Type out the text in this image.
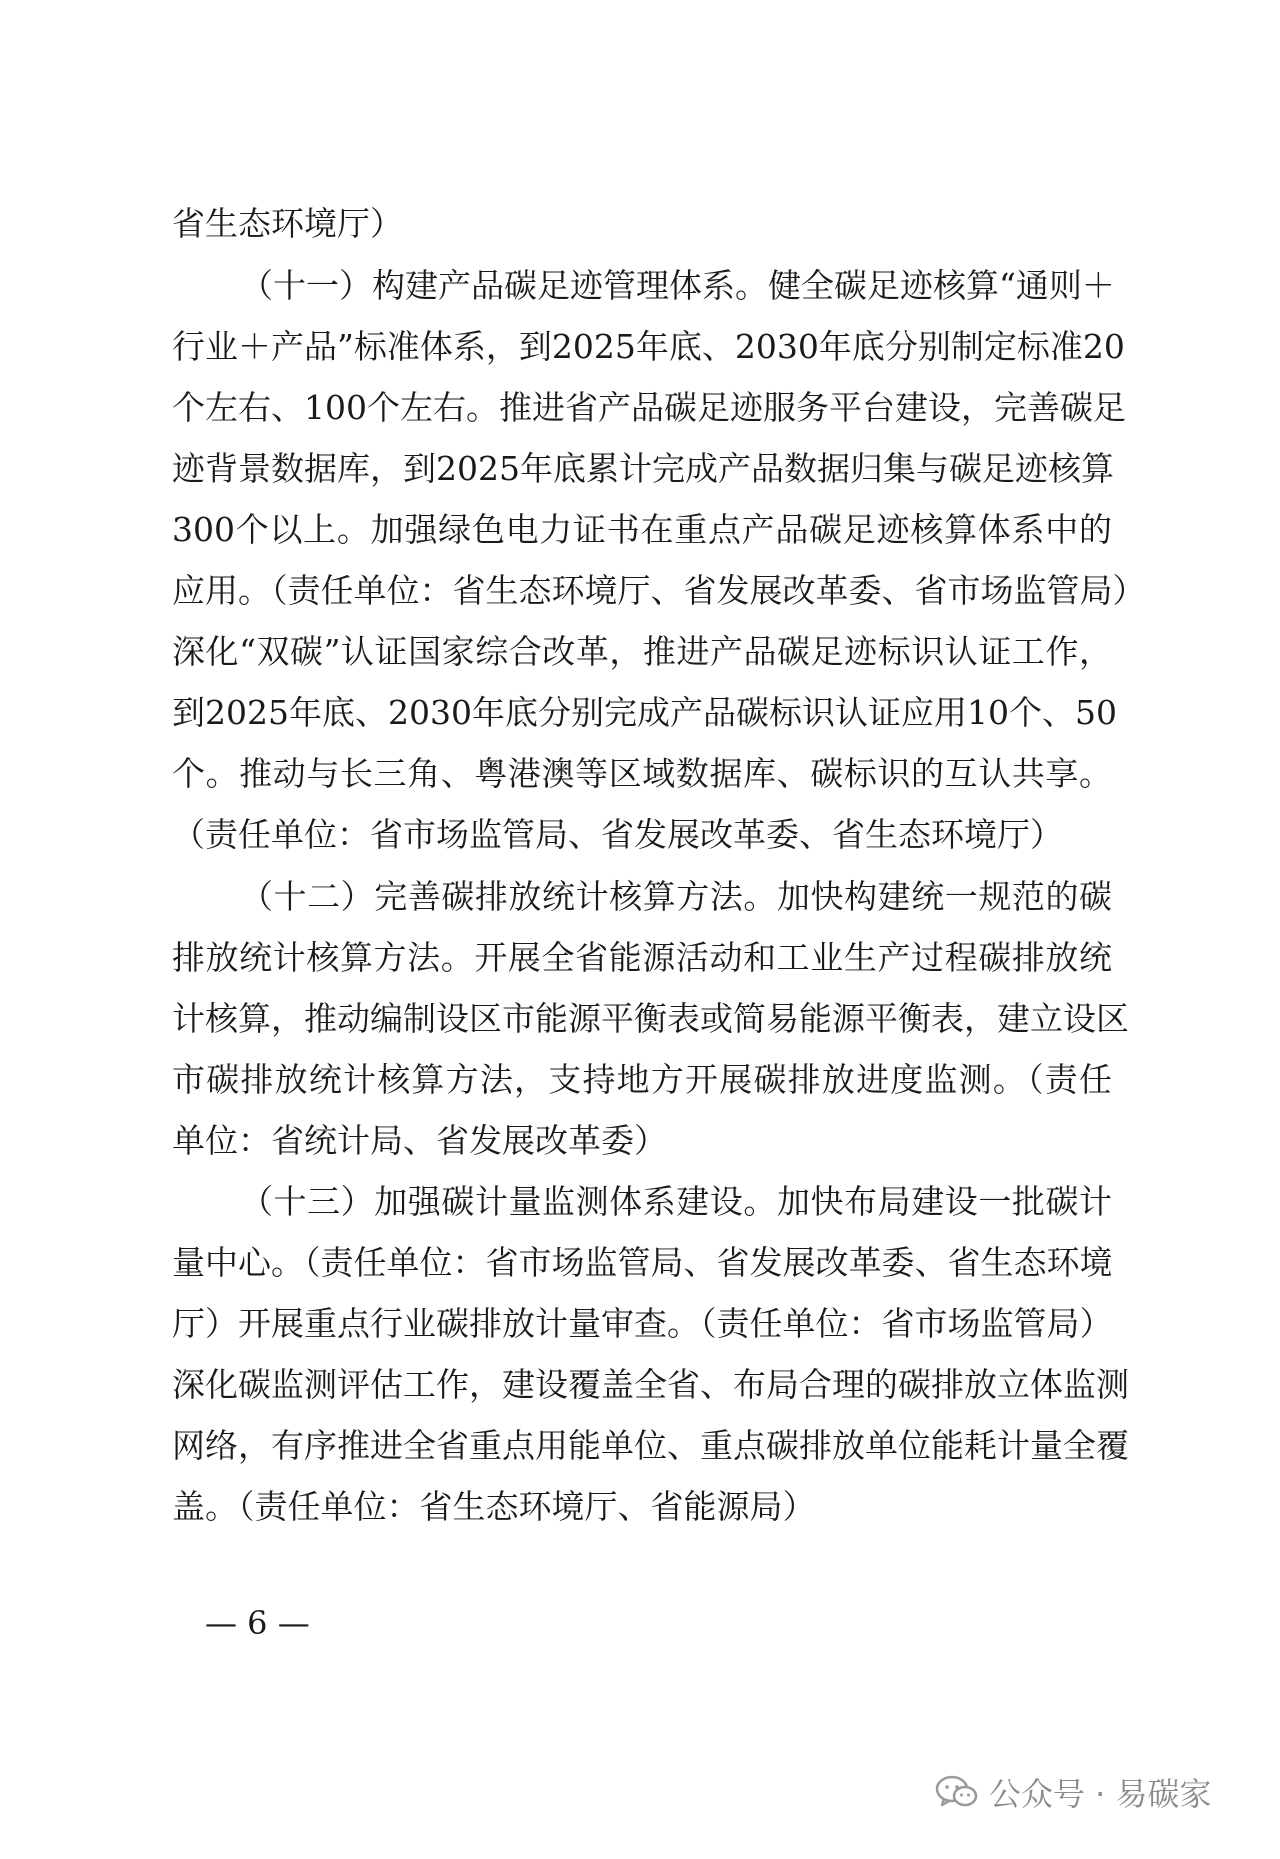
省生态环境厅）
（十一）构建产品碳足迹管理体系。健全碳足迹核算“通则＋
行业＋产品”标准体系，到2025年底、2030年底分别制定标准20
个左右、100个左右。推进省产品碳足迹服务平台建设，完善碳足
迹背景数据库，到2025年底累计完成产品数据归集与碳足迹核算
300个以上。加强绿色电力证书在重点产品碳足迹核算体系中的
应用。（责任单位：省生态环境厅、省发展改革委、省市场监管局）
深化“双碳”认证国家综合改革，推进产品碳足迹标识认证工作，
到2025年底、2030年底分别完成产品碳标识认证应用10个、50
个。推动与长三角、粤港澳等区域数据库、碳标识的互认共享。
（责任单位：省市场监管局、省发展改革委、省生态环境厅）
（十二）完善碳排放统计核算方法。加快构建统一规范的碳
排放统计核算方法。开展全省能源活动和工业生产过程碳排放统
计核算，推动编制设区市能源平衡表或简易能源平衡表，建立设区
市碳排放统计核算方法，支持地方开展碳排放进度监测。（责任
单位：省统计局、省发展改革委）
（十三）加强碳计量监测体系建设。加快布局建设一批碳计
量中心。（责任单位：省市场监管局、省发展改革委、省生态环境
厅）开展重点行业碳排放计量审查。（责任单位：省市场监管局）
深化碳监测评估工作，建设覆盖全省、布局合理的碳排放立体监测
网络，有序推进全省重点用能单位、重点碳排放单位能耗计量全覆
盖。（责任单位：省生态环境厅、省能源局）
— 6 —
公众号 · 易碳家
